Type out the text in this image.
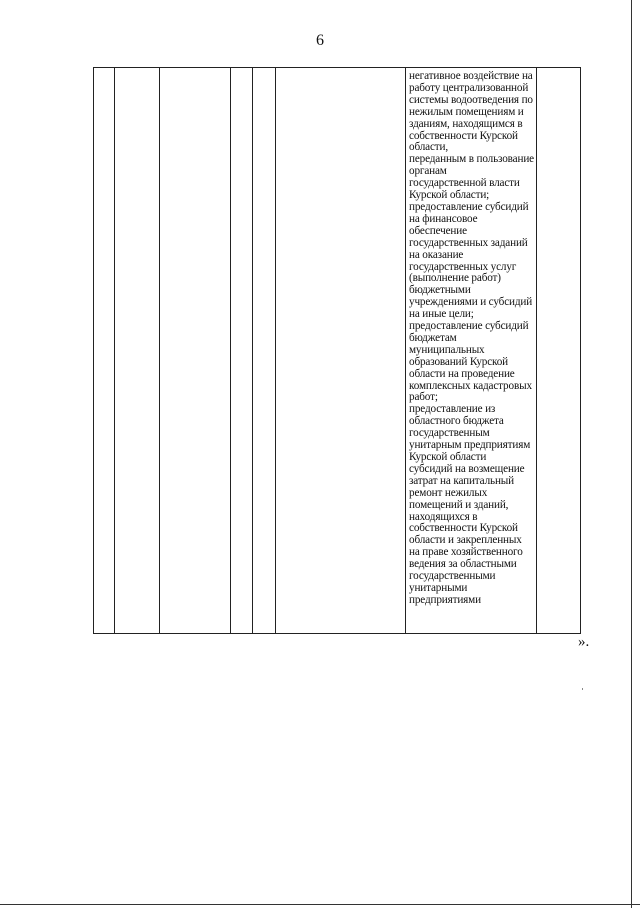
6

негативное воздействие на
работу централизованной
системы водоотведения по
нежилым помещениям и
зданиям, находящимся в
собственности Курской
области,
переданным в пользование
органам
государственной власти
Курской области;
предоставление субсидий
на финансовое
обеспечение
государственных заданий
на оказание
государственных услуг
(выполнение работ)
бюджетными
учреждениями и субсидий
на иные цели;
предоставление субсидий
бюджетам
муниципальных
образований Курской
области на проведение
комплексных кадастровых
работ;
предоставление из
областного бюджета
государственным
унитарным предприятиям
Курской области
субсидий на возмещение
затрат на капитальный
ремонт нежилых
помещений и зданий,
находящихся в
собственности Курской
области и закрепленных
на праве хозяйственного
ведения за областными
государственными
унитарными
предприятиями

».
